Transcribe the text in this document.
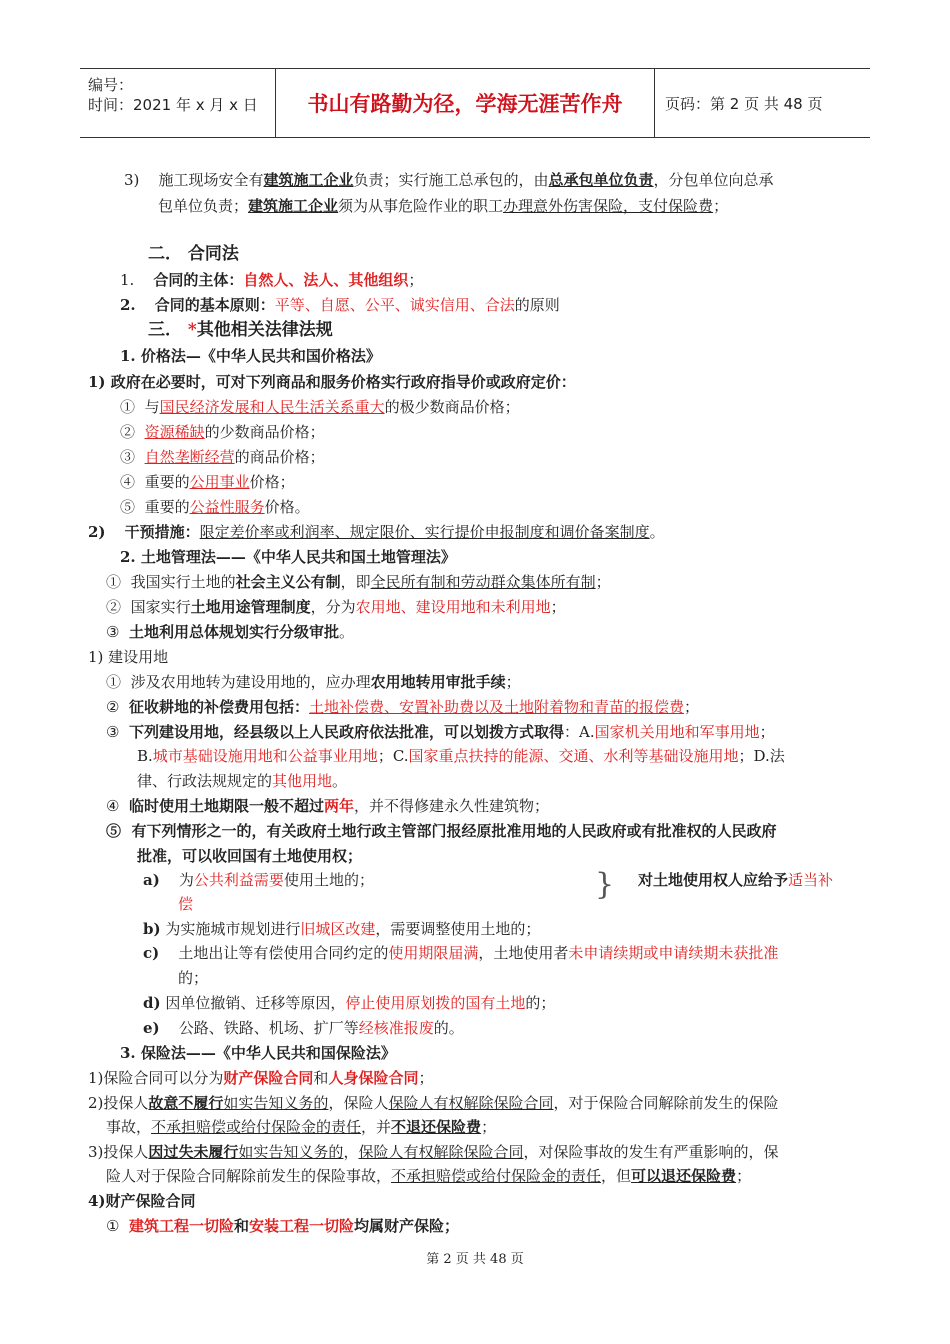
编号：
时间：2021 年 x 月 x 日 书山有路勤为径，学海无涯苦作舟	页码：第 2 页 共 48 页
3) 施工现场安全有建筑施工企业负责；实行施工总承包的，由总承包单位负责，分包单位向总承
包单位负责；建筑施工企业须为从事危险作业的职工办理意外伤害保险，支付保险费；
二． 合同法
1. 合同的主体：自然人、法人、其他组织；
2. 合同的基本原则：平等、自愿、公平、诚实信用、合法的原则
三． *其他相关法律法规
1. 价格法—《中华人民共和国价格法》
1) 政府在必要时，可对下列商品和服务价格实行政府指导价或政府定价：
① 与国民经济发展和人民生活关系重大的极少数商品价格；
② 资源稀缺的少数商品价格；
③ 自然垄断经营的商品价格；
④ 重要的公用事业价格；
⑤ 重要的公益性服务价格。
2) 干预措施：限定差价率或利润率、规定限价、实行提价申报制度和调价备案制度。
2. 土地管理法——《中华人民共和国土地管理法》
① 我国实行土地的社会主义公有制，即全民所有制和劳动群众集体所有制；
② 国家实行土地用途管理制度，分为农用地、建设用地和未利用地；
③ 土地利用总体规划实行分级审批。
1) 建设用地
① 涉及农用地转为建设用地的，应办理农用地转用审批手续；
② 征收耕地的补偿费用包括：土地补偿费、安置补助费以及土地附着物和青苗的报偿费；
③ 下列建设用地，经县级以上人民政府依法批准，可以划拨方式取得：A.国家机关用地和军事用地；
B.城市基础设施用地和公益事业用地；C.国家重点扶持的能源、交通、水利等基础设施用地；D.法
律、行政法规规定的其他用地。
④ 临时使用土地期限一般不超过两年，并不得修建永久性建筑物；
⑤ 有下列情形之一的，有关政府土地行政主管部门报经原批准用地的人民政府或有批准权的人民政府
批准，可以收回国有土地使用权；
a) 为公共利益需要使用土地的；	} 对土地使用权人应给予适当补
偿
b) 为实施城市规划进行旧城区改建，需要调整使用土地的；
c) 土地出让等有偿使用合同约定的使用期限届满，土地使用者未申请续期或申请续期未获批准
的；
d) 因单位撤销、迁移等原因，停止使用原划拨的国有土地的；
e) 公路、铁路、机场、扩厂等经核准报废的。
3. 保险法——《中华人民共和国保险法》
1)保险合同可以分为财产保险合同和人身保险合同；
2)投保人故意不履行如实告知义务的，保险人保险人有权解除保险合同，对于保险合同解除前发生的保险
事故，不承担赔偿或给付保险金的责任，并不退还保险费；
3)投保人因过失未履行如实告知义务的，保险人有权解除保险合同，对保险事故的发生有严重影响的，保
险人对于保险合同解除前发生的保险事故，不承担赔偿或给付保险金的责任，但可以退还保险费；
4)财产保险合同
① 建筑工程一切险和安装工程一切险均属财产保险；
第 2 页 共 48 页
